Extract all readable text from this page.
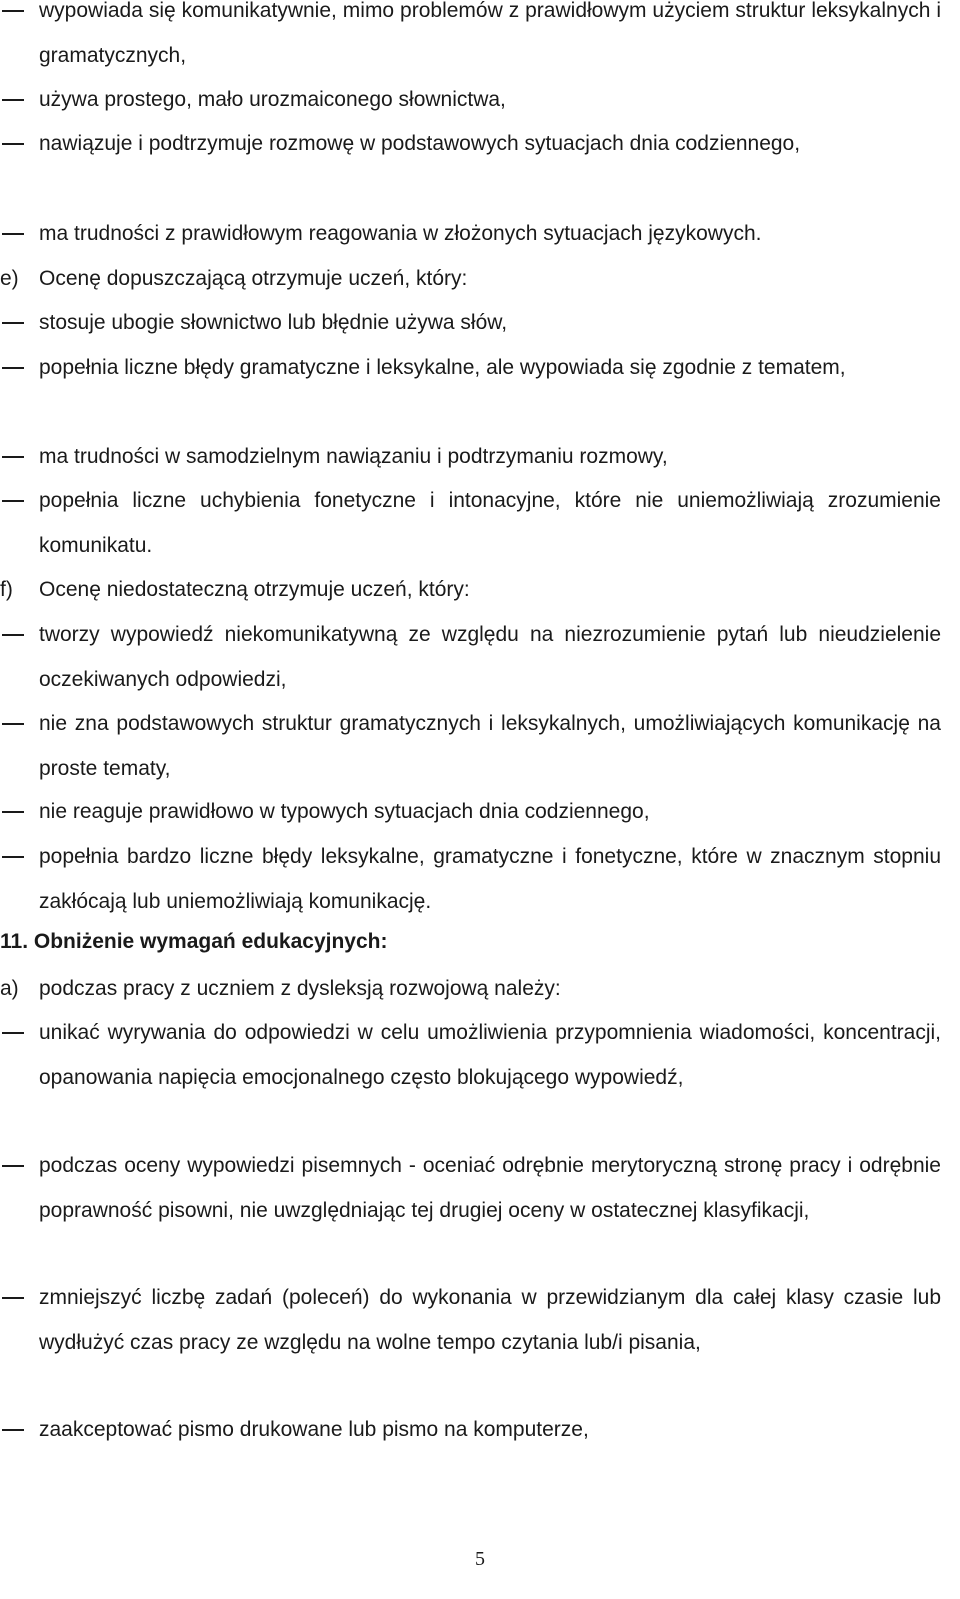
wypowiada się komunikatywnie, mimo problemów z prawidłowym użyciem struktur leksykalnych i gramatycznych,

używa prostego, mało urozmaiconego słownictwa,

nawiązuje i podtrzymuje rozmowę w podstawowych sytuacjach dnia codziennego,

ma trudności z prawidłowym reagowania w złożonych sytuacjach językowych.

e) Ocenę dopuszczającą otrzymuje uczeń, który:

stosuje ubogie słownictwo lub błędnie używa słów,

popełnia liczne błędy gramatyczne i leksykalne, ale wypowiada się zgodnie z tematem,

ma trudności w samodzielnym nawiązaniu i podtrzymaniu rozmowy,

popełnia liczne uchybienia fonetyczne i intonacyjne, które nie uniemożliwiają zrozumienie komunikatu.

f)	Ocenę niedostateczną otrzymuje uczeń, który:

tworzy wypowiedź niekomunikatywną ze względu na niezrozumienie pytań lub nieudzielenie oczekiwanych odpowiedzi,

nie zna podstawowych struktur gramatycznych i leksykalnych, umożliwiających komunikację na proste tematy,

nie reaguje prawidłowo w typowych sytuacjach dnia codziennego,

popełnia bardzo liczne błędy leksykalne, gramatyczne i fonetyczne, które w znacznym stopniu zakłócają lub uniemożliwiają komunikację.

11. Obniżenie wymagań edukacyjnych:

a) podczas pracy z uczniem z dysleksją rozwojową należy:

unikać wyrywania do odpowiedzi w celu umożliwienia przypomnienia wiadomości, koncentracji, opanowania napięcia emocjonalnego często blokującego wypowiedź,

podczas oceny wypowiedzi pisemnych - oceniać odrębnie merytoryczną stronę pracy i odrębnie poprawność pisowni, nie uwzględniając tej drugiej oceny w ostatecznej klasyfikacji,

zmniejszyć liczbę zadań (poleceń) do wykonania w przewidzianym dla całej klasy czasie lub wydłużyć czas pracy ze względu na wolne tempo czytania lub/i pisania,

zaakceptować pismo drukowane lub pismo na komputerze,

5
